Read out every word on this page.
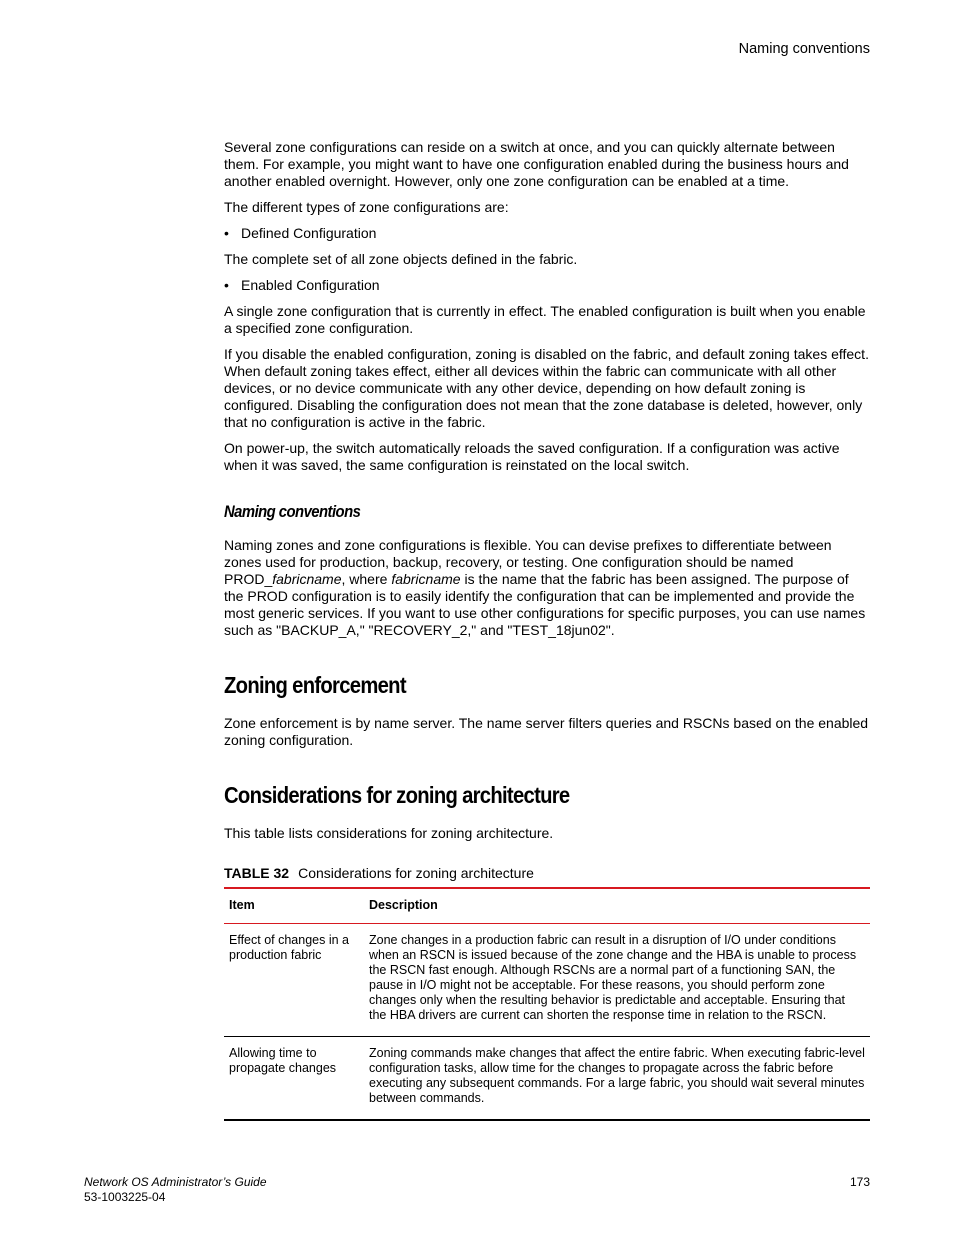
Naming conventions

Several zone configurations can reside on a switch at once, and you can quickly alternate between them. For example, you might want to have one configuration enabled during the business hours and another enabled overnight. However, only one zone configuration can be enabled at a time.

The different types of zone configurations are:

• Defined Configuration

The complete set of all zone objects defined in the fabric.

• Enabled Configuration

A single zone configuration that is currently in effect. The enabled configuration is built when you enable a specified zone configuration.

If you disable the enabled configuration, zoning is disabled on the fabric, and default zoning takes effect. When default zoning takes effect, either all devices within the fabric can communicate with all other devices, or no device communicate with any other device, depending on how default zoning is configured. Disabling the configuration does not mean that the zone database is deleted, however, only that no configuration is active in the fabric.

On power-up, the switch automatically reloads the saved configuration. If a configuration was active when it was saved, the same configuration is reinstated on the local switch.

Naming conventions

Naming zones and zone configurations is flexible. You can devise prefixes to differentiate between zones used for production, backup, recovery, or testing. One configuration should be named PROD_fabricname, where fabricname is the name that the fabric has been assigned. The purpose of the PROD configuration is to easily identify the configuration that can be implemented and provide the most generic services. If you want to use other configurations for specific purposes, you can use names such as "BACKUP_A," "RECOVERY_2," and "TEST_18jun02".

Zoning enforcement

Zone enforcement is by name server. The name server filters queries and RSCNs based on the enabled zoning configuration.

Considerations for zoning architecture

This table lists considerations for zoning architecture.

TABLE 32 Considerations for zoning architecture
Item	Description
Effect of changes in a production fabric	Zone changes in a production fabric can result in a disruption of I/O under conditions when an RSCN is issued because of the zone change and the HBA is unable to process the RSCN fast enough. Although RSCNs are a normal part of a functioning SAN, the pause in I/O might not be acceptable. For these reasons, you should perform zone changes only when the resulting behavior is predictable and acceptable. Ensuring that the HBA drivers are current can shorten the response time in relation to the RSCN.
Allowing time to propagate changes	Zoning commands make changes that affect the entire fabric. When executing fabric-level configuration tasks, allow time for the changes to propagate across the fabric before executing any subsequent commands. For a large fabric, you should wait several minutes between commands.
Network OS Administrator’s Guide
53-1003225-04
173
